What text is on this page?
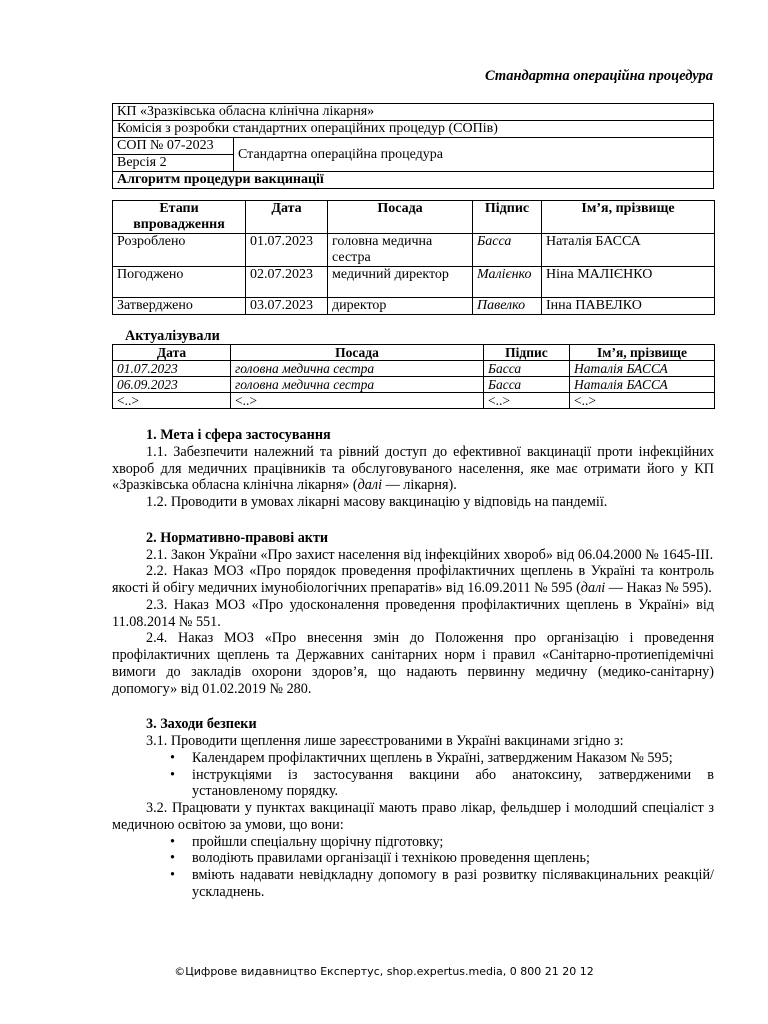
Стандартна операційна процедура
КП «Зразківська обласна клінічна лікарня»
Комісія з розробки стандартних операційних процедур (СОПів)
СОП № 07-2023	Стандартна операційна процедура
Версія 2
Алгоритм процедури вакцинації
Етапи впровадження	Дата	Посада	Підпис	Ім’я, прізвище
Розроблено	01.07.2023	головна медична сестра	Басса	Наталія БАССА
Погоджено	02.07.2023	медичний директор	Малієнко	Ніна МАЛІЄНКО
Затверджено	03.07.2023	директор	Павелко	Інна ПАВЕЛКО
Актуалізували
Дата	Посада	Підпис	Ім’я, прізвище
01.07.2023	головна медична сестра	Басса	Наталія БАССА
06.09.2023	головна медична сестра	Басса	Наталія БАССА
<..>	<..>	<..>	<..>
1. Мета і сфера застосування

1.1. Забезпечити належний та рівний доступ до ефективної вакцинації проти інфекційних хвороб для медичних працівників та обслуговуваного населення, яке має отримати його у КП «Зразківська обласна клінічна лікарня» (далі — лікарня).

1.2. Проводити в умовах лікарні масову вакцинацію у відповідь на пандемії.

2. Нормативно-правові акти

2.1. Закон України «Про захист населення від інфекційних хвороб» від 06.04.2000 № 1645-III.

2.2. Наказ МОЗ «Про порядок проведення профілактичних щеплень в Україні та контроль якості й обігу медичних імунобіологічних препаратів» від 16.09.2011 № 595 (далі — Наказ № 595).

2.3. Наказ МОЗ «Про удосконалення проведення профілактичних щеплень в Україні» від 11.08.2014 № 551.

2.4. Наказ МОЗ «Про внесення змін до Положення про організацію і проведення профілактичних щеплень та Державних санітарних норм і правил «Санітарно-протиепідемічні вимоги до закладів охорони здоров’я, що надають первинну медичну (медико-санітарну) допомогу» від 01.02.2019 № 280.

3. Заходи безпеки

3.1. Проводити щеплення лише зареєстрованими в Україні вакцинами згідно з:

• Календарем профілактичних щеплень в Україні, затвердженим Наказом № 595;
• інструкціями із застосування вакцини або анатоксину, затвердженими в установленому порядку.

3.2. Працювати у пунктах вакцинації мають право лікар, фельдшер і молодший спеціаліст з медичною освітою за умови, що вони:

• пройшли спеціальну щорічну підготовку;
• володіють правилами організації і технікою проведення щеплень;
• вміють надавати невідкладну допомогу в разі розвитку післявакцинальних реакцій/ускладнень.
©Цифрове видавництво Експертус, shop.expertus.media, 0 800 21 20 12
